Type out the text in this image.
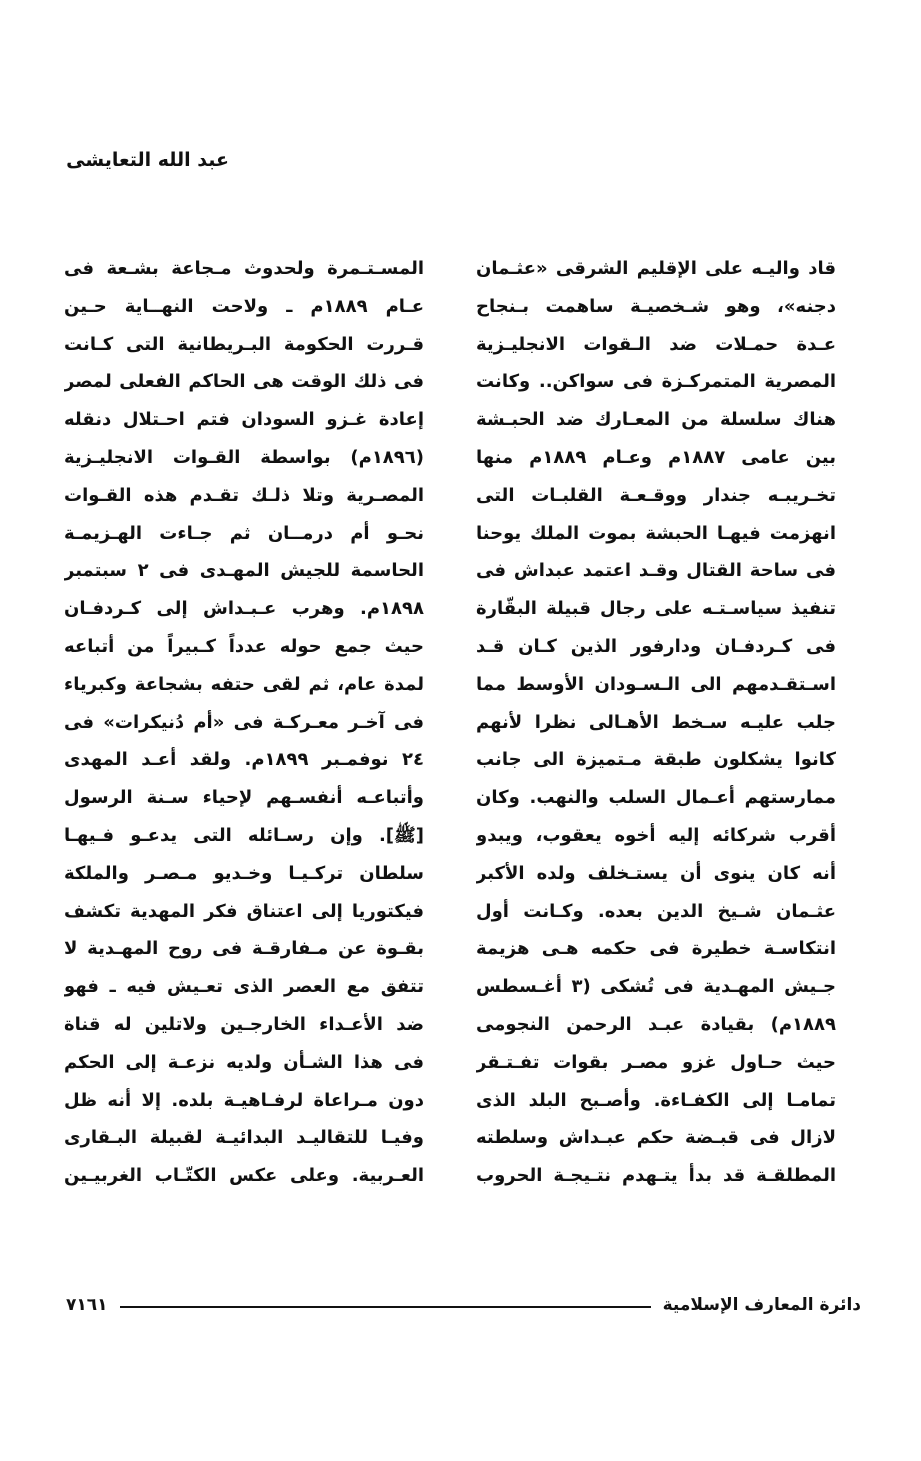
عبد الله التعايشى
قاد واليـه على الإقليم الشرقى «عثـمان
دجنه»، وهو شـخصيـة ساهمت بـنجاح
عـدة حمـلات ضد الـقوات الانجليـزية
المصرية المتمركـزة فى سواكن.. وكانت
هناك سلسلة من المعـارك ضد الحبـشة
بين عامى ١٨٨٧م وعـام ١٨٨٩م منها
تخـريبـه جندار ووقـعـة القلبـات التى
انهزمت فيهـا الحبشة بموت الملك يوحنا
فى ساحة القتال وقـد اعتمد عبداش فى
تنفيذ سياسـتـه على رجال قبيلة البقّارة
فى كـردفـان ودارفور الذين كـان قـد
اسـتقـدمهم الى الـسـودان الأوسط مما
جلب عليـه سـخط الأهـالى نظرا لأنهم
كانوا يشكلون طبقة مـتميزة الى جانب
ممارستهم أعـمال السلب والنهب. وكان
أقرب شركائه إليه أخوه يعقوب، ويبدو
أنه كان ينوى أن يستـخلف ولده الأكبر
عثـمان شـيخ الدين بعده. وكـانت أول
انتكاسـة خطيرة فى حكمه هـى هزيمة
جـيش المهـدية فى تُشكى (٣ أغـسطس
١٨٨٩م) بقيادة عبـد الرحمن النجومى
حيث حـاول غزو مصـر بقوات تفـتـقر
تمامـا إلى الكفـاءة. وأصـبح البلد الذى
لازال فى قبـضة حكم عبـداش وسلطته
المطلقـة قد بدأ يتـهدم نتـيجـة الحروب
المسـتـمرة ولحدوث مـجاعة بشـعة فى
عـام ١٨٨٩م ـ ولاحت النهــاية حـين
قـررت الحكومة البـريطانية التى كـانت
فى ذلك الوقت هى الحاكم الفعلى لمصر
إعادة غـزو السودان فتم احـتلال دنقله
(١٨٩٦م) بواسطة القـوات الانجليـزية
المصـرية وتلا ذلـك تقـدم هذه القـوات
نحـو أم درمــان ثم جـاءت الهـزيمـة
الحاسمة للجيش المهـدى فى ٢ سبتمبر
١٨٩٨م. وهرب عـبـداش إلى كـردفـان
حيث جمع حوله عدداً كـبيراً من أتباعه
لمدة عام، ثم لقى حتفه بشجاعة وكبرياء
فى آخـر معـركـة فى «أم دُنيكرات» فى
٢٤ نوفمـبر ١٨٩٩م. ولقد أعـد المهدى
وأتباعـه أنفسـهم لإحياء سـنة الرسول
[ﷺ]. وإن رسـائله التى يدعـو فـيهـا
سلطان تركـيـا وخـديو مـصـر والملكة
فيكتوريا إلى اعتناق فكر المهدية تكشف
بقـوة عن مـفارقـة فى روح المهـدية لا
تتفق مع العصر الذى تعـيش فيه ـ فهو
ضد الأعـداء الخارجـين ولاتلين له قناة
فى هذا الشـأن ولديه نزعـة إلى الحكم
دون مـراعاة لرفـاهيـة بلده. إلا أنه ظل
وفيـا للتقاليـد البدائيـة لقبيلة البـقارى
العـربية. وعلى عكس الكتّـاب الغربيـين
دائرة المعارف الإسلامية
٧١٦١
